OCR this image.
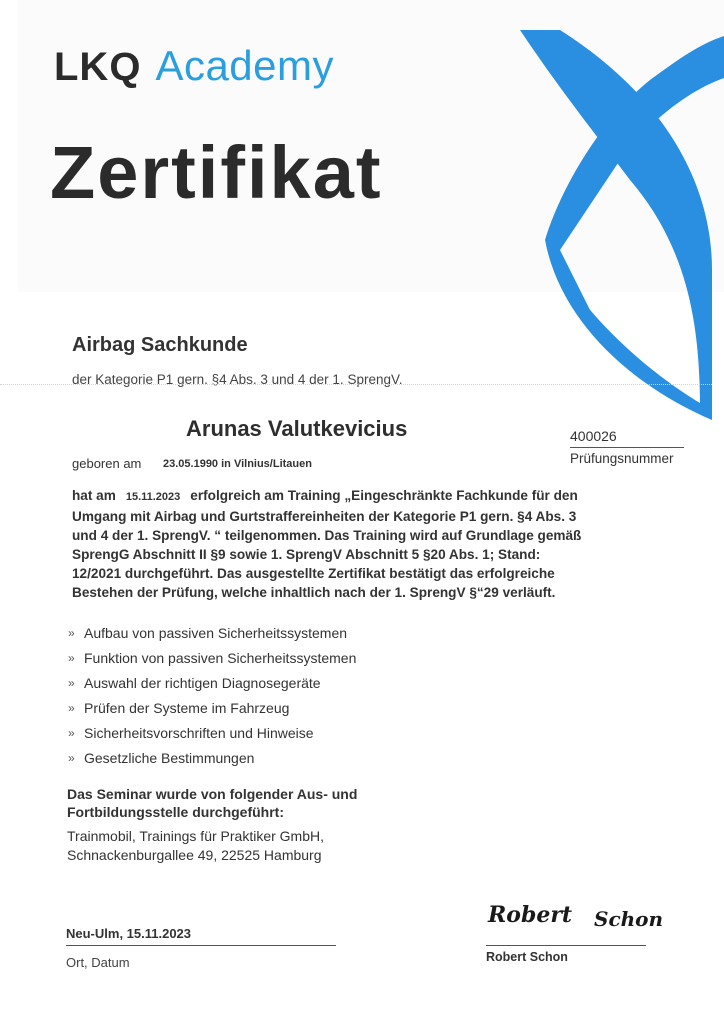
LKQ Academy
Zertifikat
Airbag Sachkunde
der Kategorie P1 gern. §4 Abs. 3 und 4 der 1. SprengV.
Arunas Valutkevicius	400026
Prüfungsnummer
geboren am 23.05.1990 in Vilnius/Litauen
hat am 15.11.2023 erfolgreich am Training „Eingeschränkte Fachkunde für den Umgang mit Airbag und Gurtstraffereinheiten der Kategorie P1 gern. §4 Abs. 3 und 4 der 1. SprengV. “ teilgenommen. Das Training wird auf Grundlage gemäß SprengG Abschnitt II §9 sowie 1. SprengV Abschnitt 5 §20 Abs. 1; Stand: 12/2021 durchgeführt. Das ausgestellte Zertifikat bestätigt das erfolgreiche Bestehen der Prüfung, welche inhaltlich nach der 1. SprengV §“29 verläuft.
» Aufbau von passiven Sicherheitssystemen
» Funktion von passiven Sicherheitssystemen
» Auswahl der richtigen Diagnosegeräte
» Prüfen der Systeme im Fahrzeug
» Sicherheitsvorschriften und Hinweise
» Gesetzliche Bestimmungen
Das Seminar wurde von folgender Aus- und Fortbildungsstelle durchgeführt:
Trainmobil, Trainings für Praktiker GmbH,
Schnackenburgallee 49, 22525 Hamburg
Neu-Ulm, 15.11.2023
Ort, Datum
Robert Schon
Robert Schon
